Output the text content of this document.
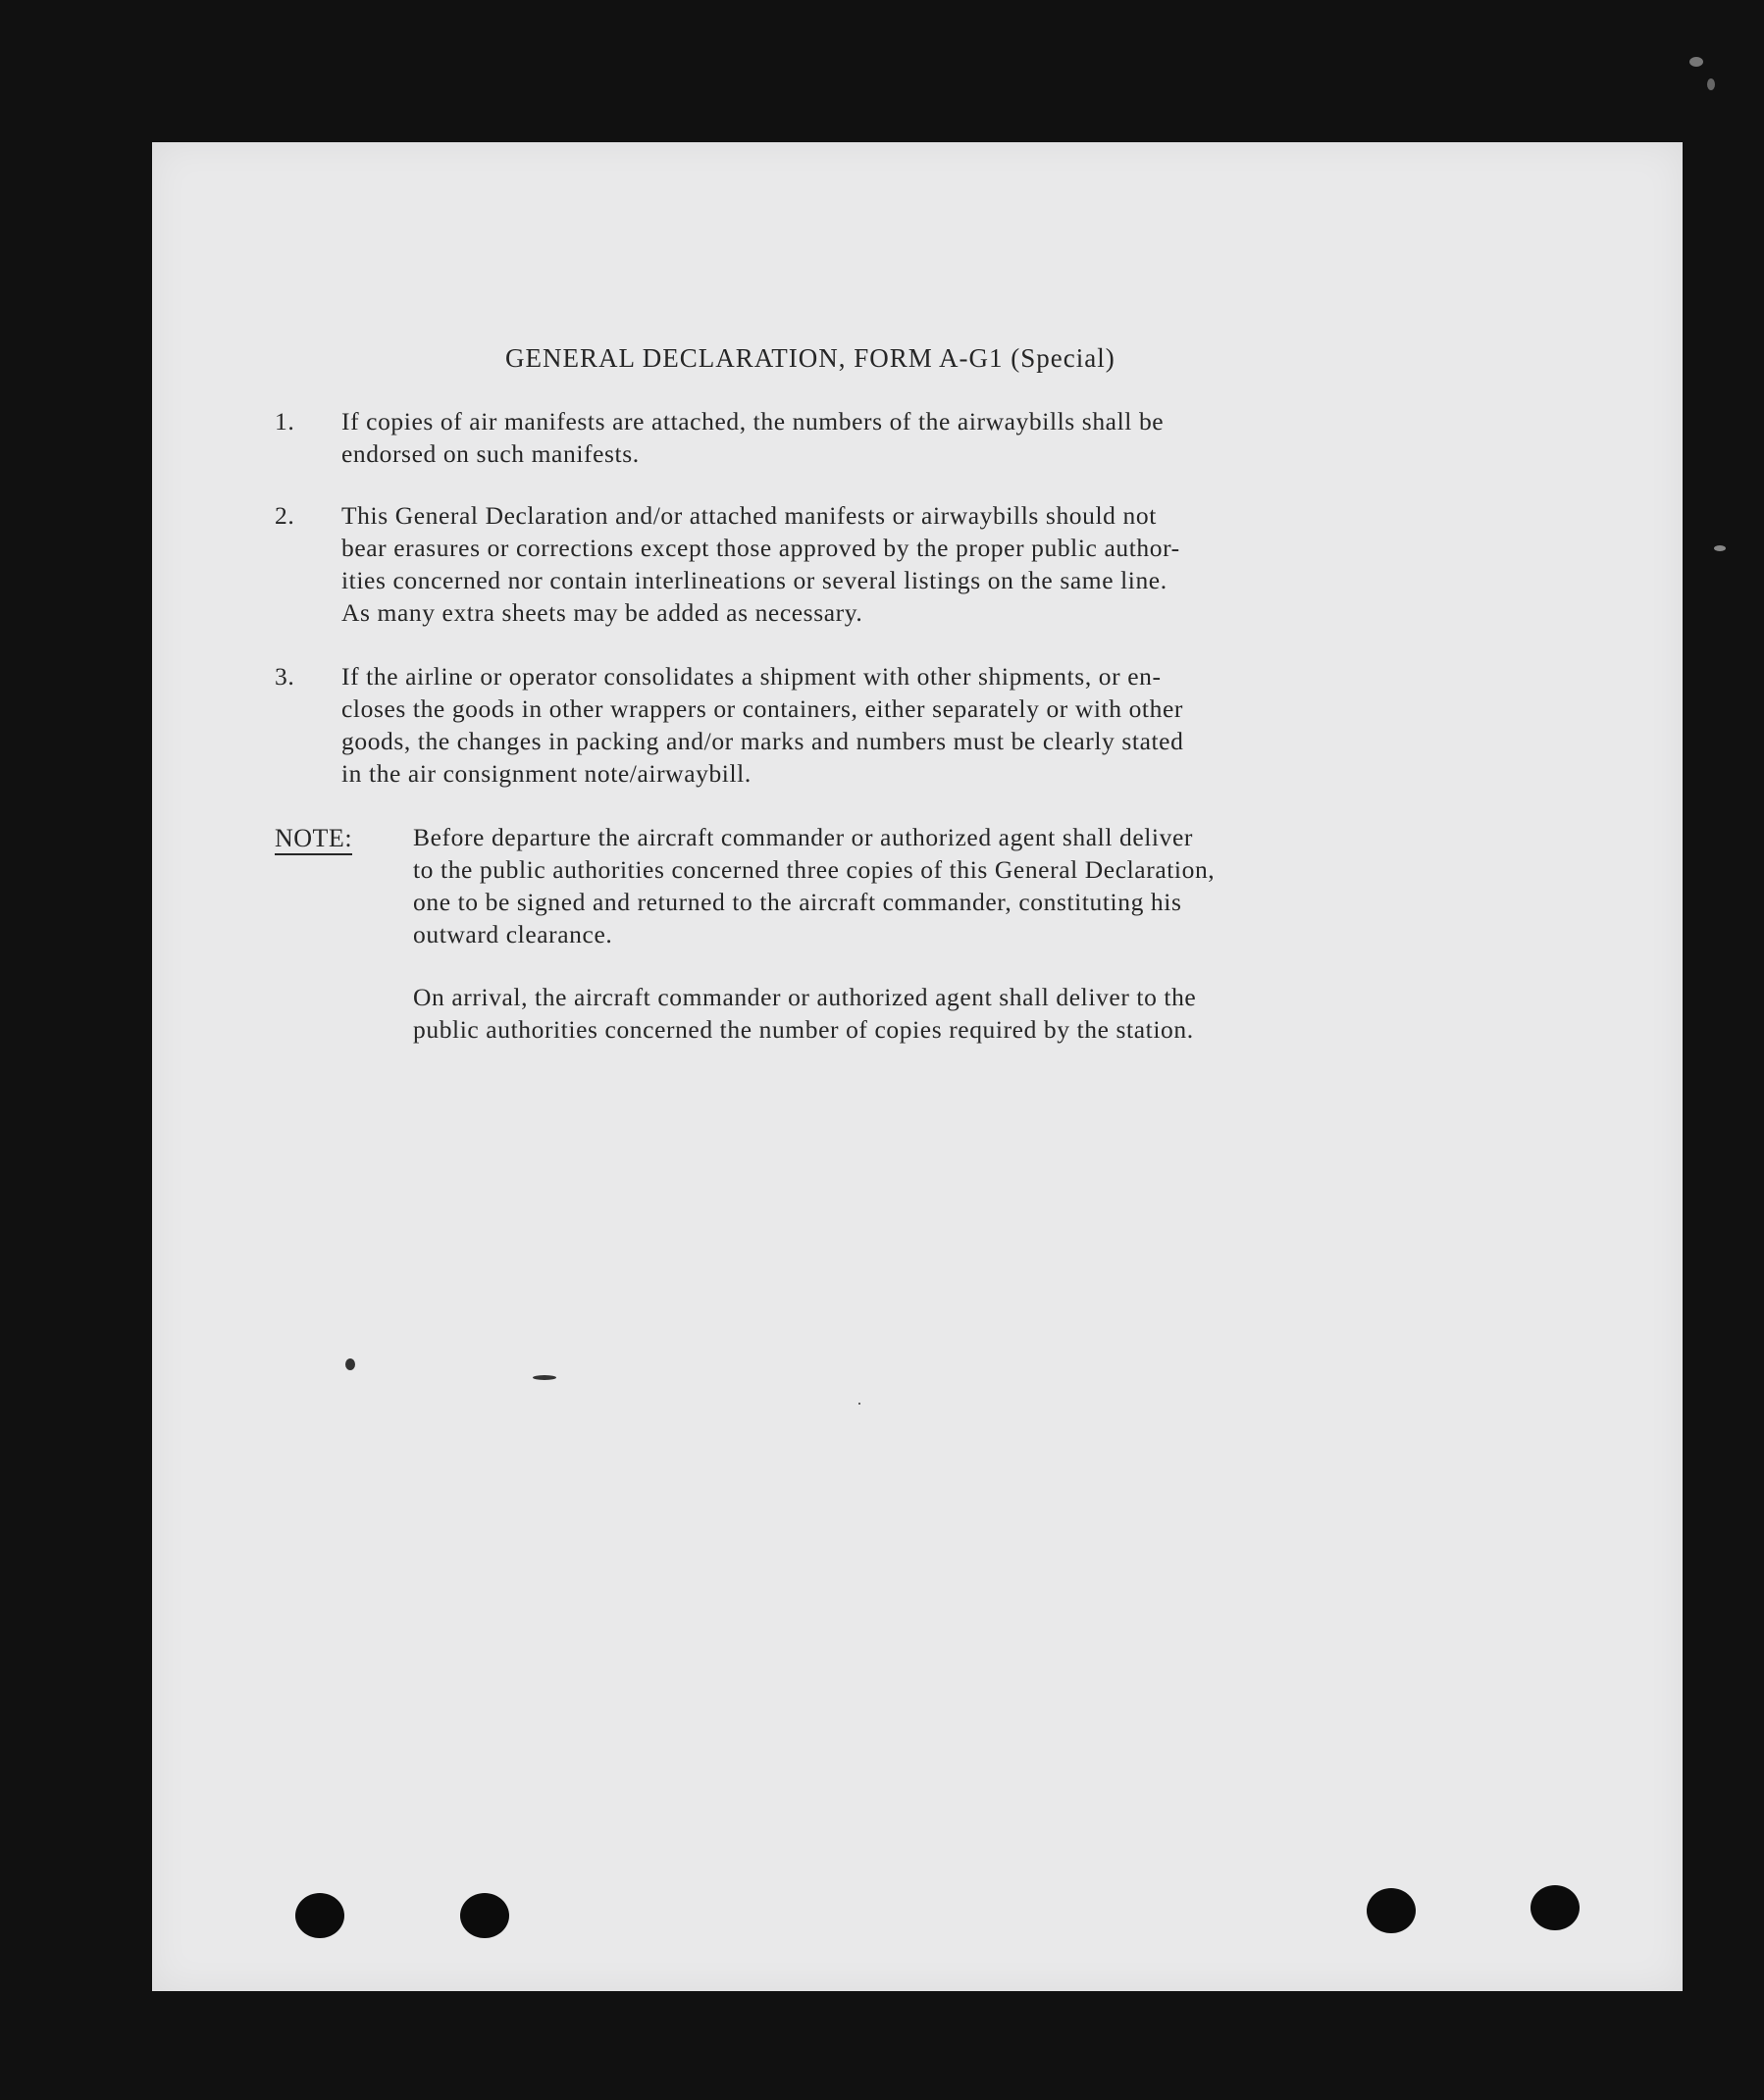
GENERAL DECLARATION, FORM A-G1 (Special)
1. If copies of air manifests are attached, the numbers of the airwaybills shall be
endorsed on such manifests.
2. This General Declaration and/or attached manifests or airwaybills should not
bear erasures or corrections except those approved by the proper public author-
ities concerned nor contain interlineations or several listings on the same line.
As many extra sheets may be added as necessary.
3. If the airline or operator consolidates a shipment with other shipments, or en-
closes the goods in other wrappers or containers, either separately or with other
goods, the changes in packing and/or marks and numbers must be clearly stated
in the air consignment note/airwaybill.
NOTE: Before departure the aircraft commander or authorized agent shall deliver
to the public authorities concerned three copies of this General Declaration,
one to be signed and returned to the aircraft commander, constituting his
outward clearance.
On arrival, the aircraft commander or authorized agent shall deliver to the
public authorities concerned the number of copies required by the station.
